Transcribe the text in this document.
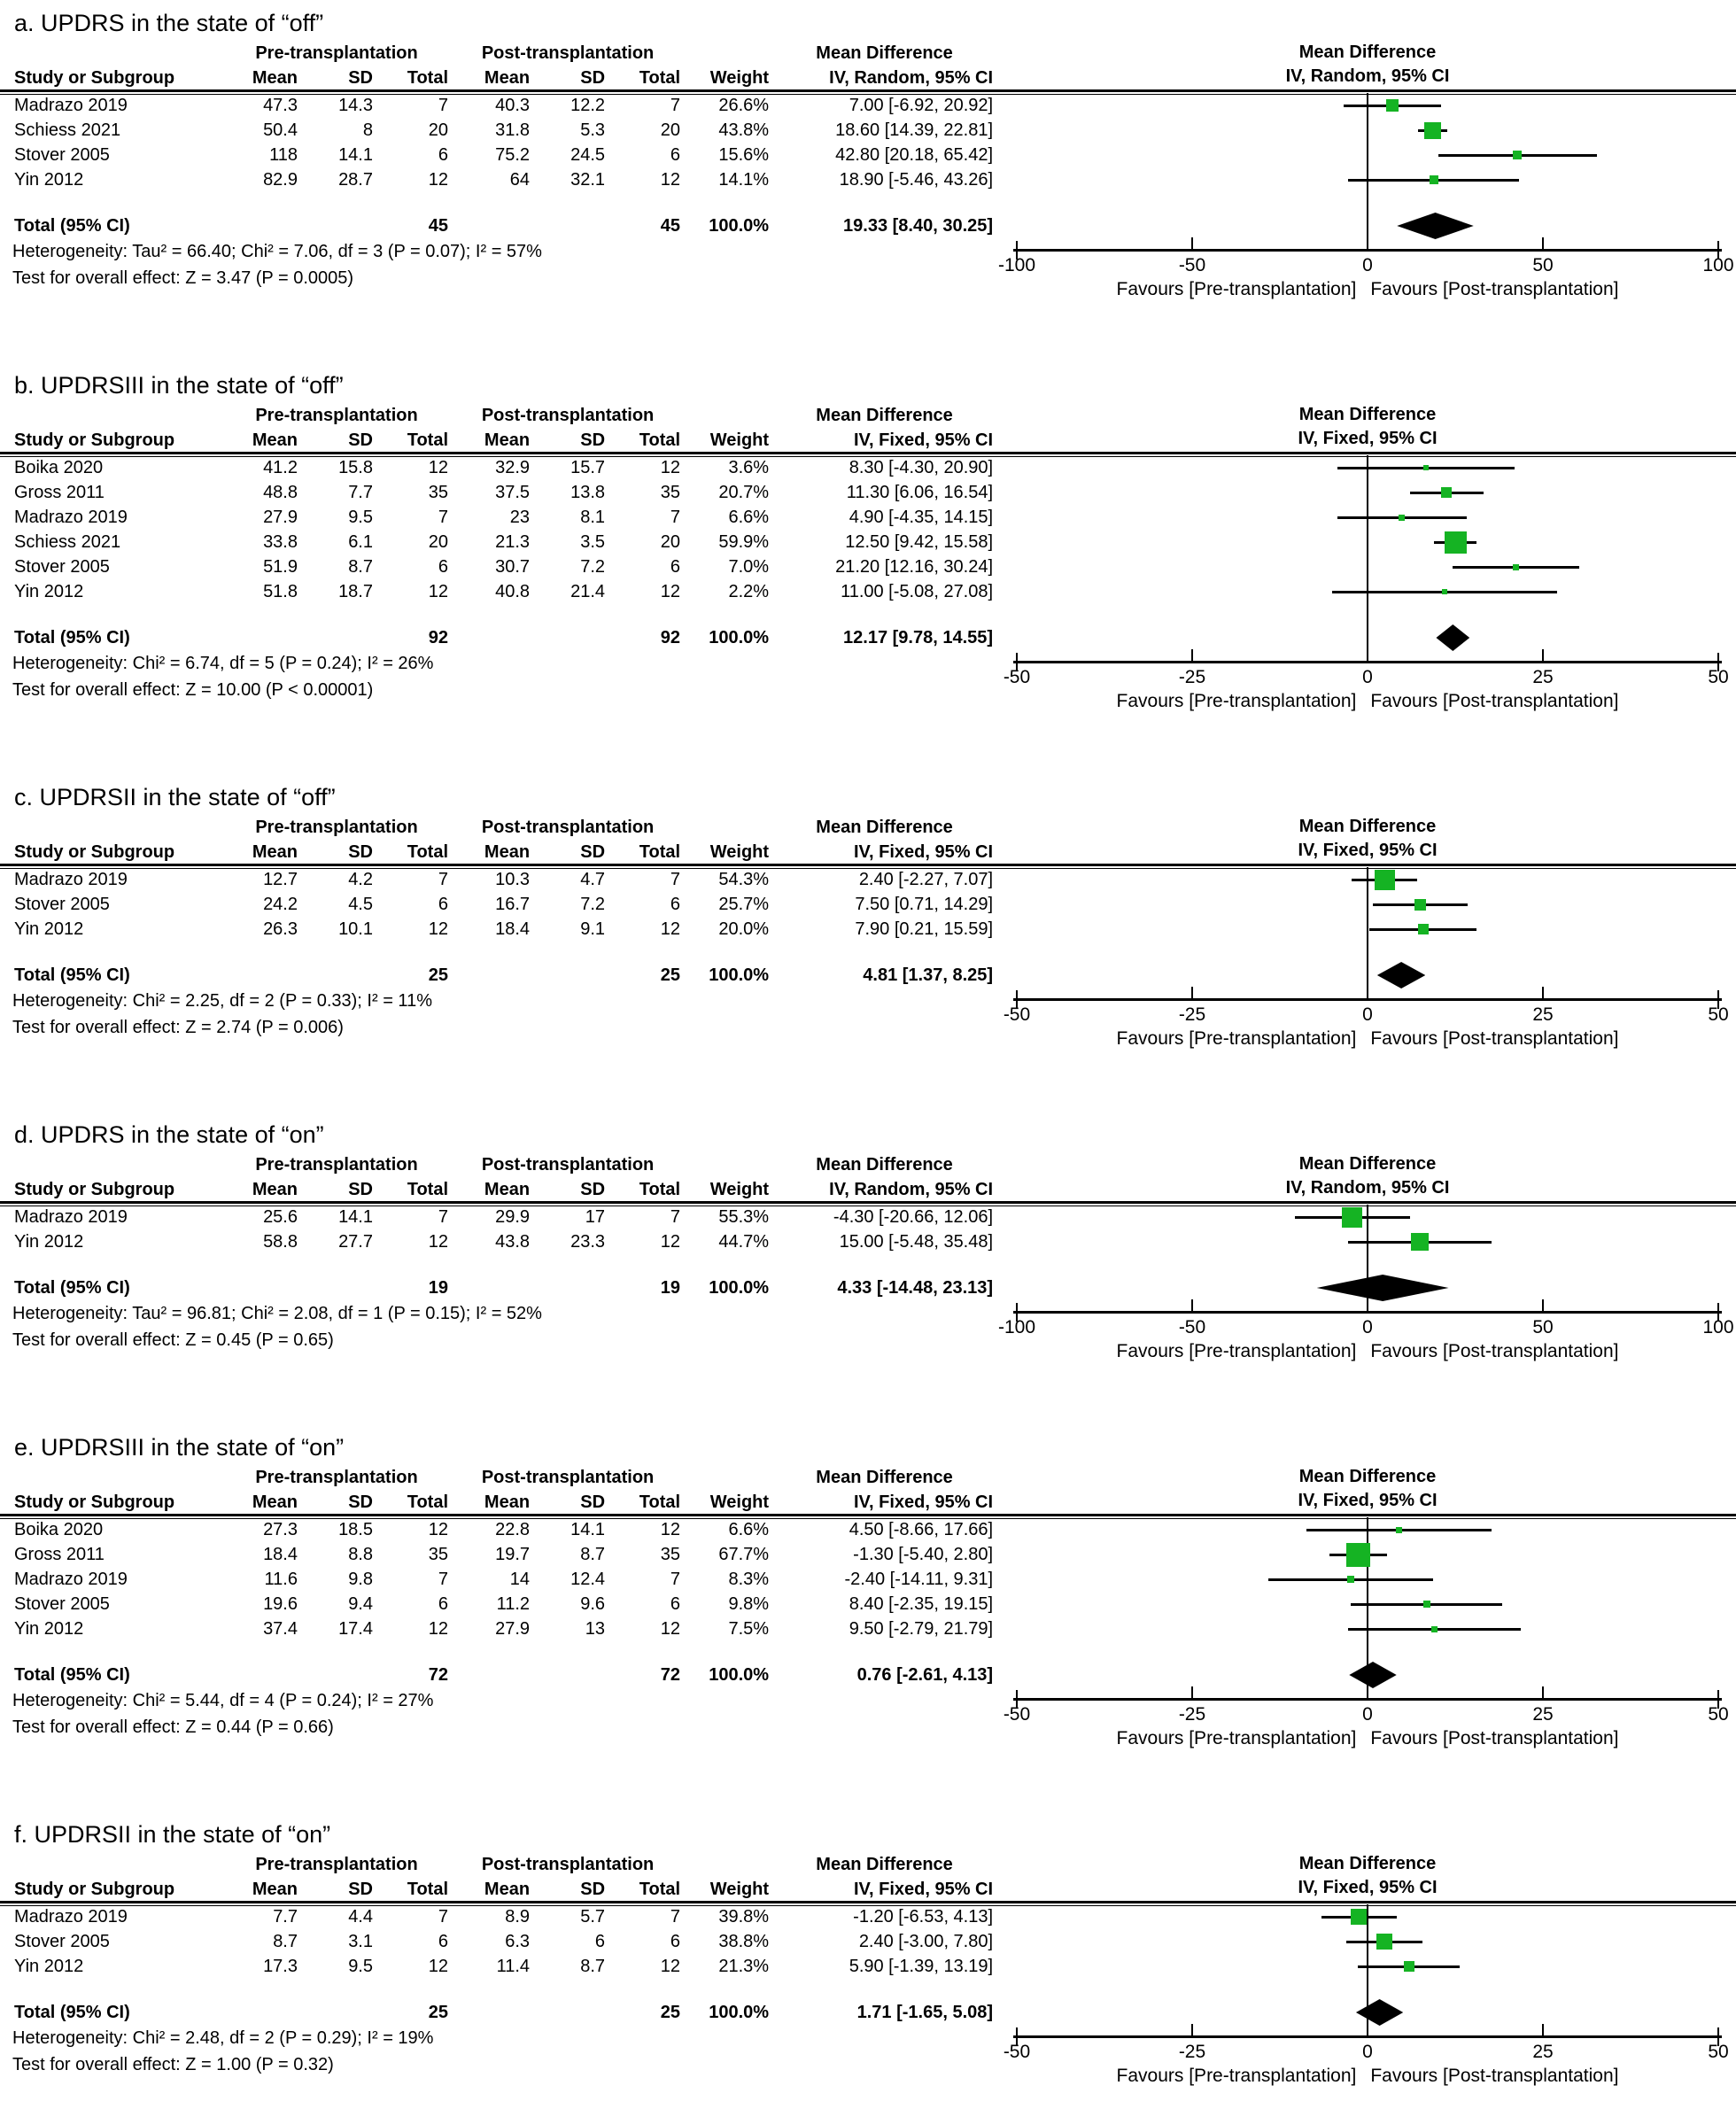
a. UPDRS in the state of “off”
	Pre-transplantation			Post-transplantation				Mean Difference
Study or Subgroup	Mean	SD	Total	Mean	SD	Total	Weight	IV, Random, 95% CI
Madrazo 2019	47.3	14.3	7	40.3	12.2	7	26.6%	7.00 [-6.92, 20.92]
Schiess 2021	50.4	8	20	31.8	5.3	20	43.8%	18.60 [14.39, 22.81]
Stover 2005	118	14.1	6	75.2	24.5	6	15.6%	42.80 [20.18, 65.42]
Yin 2012	82.9	28.7	12	64	32.1	12	14.1%	18.90 [-5.46, 43.26]

Total (95% CI)			45			45	100.0%	19.33 [8.40, 30.25]
Heterogeneity: Tau² = 66.40; Chi² = 7.06, df = 3 (P = 0.07); I² = 57%								
Test for overall effect: Z = 3.47 (P = 0.0005)								
Mean Difference
IV, Random, 95% CI
-100	-50	0	50	100
Favours [Pre-transplantation] Favours [Post-transplantation]
b. UPDRSIII in the state of “off”
	Pre-transplantation			Post-transplantation				Mean Difference
Study or Subgroup	Mean	SD	Total	Mean	SD	Total	Weight	IV, Fixed, 95% CI
Boika 2020	41.2	15.8	12	32.9	15.7	12	3.6%	8.30 [-4.30, 20.90]
Gross 2011	48.8	7.7	35	37.5	13.8	35	20.7%	11.30 [6.06, 16.54]
Madrazo 2019	27.9	9.5	7	23	8.1	7	6.6%	4.90 [-4.35, 14.15]
Schiess 2021	33.8	6.1	20	21.3	3.5	20	59.9%	12.50 [9.42, 15.58]
Stover 2005	51.9	8.7	6	30.7	7.2	6	7.0%	21.20 [12.16, 30.24]
Yin 2012	51.8	18.7	12	40.8	21.4	12	2.2%	11.00 [-5.08, 27.08]

Total (95% CI)			92			92	100.0%	12.17 [9.78, 14.55]
Heterogeneity: Chi² = 6.74, df = 5 (P = 0.24); I² = 26%								
Test for overall effect: Z = 10.00 (P < 0.00001)								
Mean Difference
IV, Fixed, 95% CI
-50	-25	0	25	50
Favours [Pre-transplantation] Favours [Post-transplantation]
c. UPDRSII in the state of “off”
	Pre-transplantation			Post-transplantation				Mean Difference
Study or Subgroup	Mean	SD	Total	Mean	SD	Total	Weight	IV, Fixed, 95% CI
Madrazo 2019	12.7	4.2	7	10.3	4.7	7	54.3%	2.40 [-2.27, 7.07]
Stover 2005	24.2	4.5	6	16.7	7.2	6	25.7%	7.50 [0.71, 14.29]
Yin 2012	26.3	10.1	12	18.4	9.1	12	20.0%	7.90 [0.21, 15.59]

Total (95% CI)			25			25	100.0%	4.81 [1.37, 8.25]
Heterogeneity: Chi² = 2.25, df = 2 (P = 0.33); I² = 11%								
Test for overall effect: Z = 2.74 (P = 0.006)								
Mean Difference
IV, Fixed, 95% CI
-50	-25	0	25	50
Favours [Pre-transplantation] Favours [Post-transplantation]
d. UPDRS in the state of “on”
	Pre-transplantation			Post-transplantation				Mean Difference
Study or Subgroup	Mean	SD	Total	Mean	SD	Total	Weight	IV, Random, 95% CI
Madrazo 2019	25.6	14.1	7	29.9	17	7	55.3%	-4.30 [-20.66, 12.06]
Yin 2012	58.8	27.7	12	43.8	23.3	12	44.7%	15.00 [-5.48, 35.48]

Total (95% CI)			19			19	100.0%	4.33 [-14.48, 23.13]
Heterogeneity: Tau² = 96.81; Chi² = 2.08, df = 1 (P = 0.15); I² = 52%								
Test for overall effect: Z = 0.45 (P = 0.65)								
Mean Difference
IV, Random, 95% CI
-100	-50	0	50	100
Favours [Pre-transplantation] Favours [Post-transplantation]
e. UPDRSIII in the state of “on”
	Pre-transplantation			Post-transplantation				Mean Difference
Study or Subgroup	Mean	SD	Total	Mean	SD	Total	Weight	IV, Fixed, 95% CI
Boika 2020	27.3	18.5	12	22.8	14.1	12	6.6%	4.50 [-8.66, 17.66]
Gross 2011	18.4	8.8	35	19.7	8.7	35	67.7%	-1.30 [-5.40, 2.80]
Madrazo 2019	11.6	9.8	7	14	12.4	7	8.3%	-2.40 [-14.11, 9.31]
Stover 2005	19.6	9.4	6	11.2	9.6	6	9.8%	8.40 [-2.35, 19.15]
Yin 2012	37.4	17.4	12	27.9	13	12	7.5%	9.50 [-2.79, 21.79]

Total (95% CI)			72			72	100.0%	0.76 [-2.61, 4.13]
Heterogeneity: Chi² = 5.44, df = 4 (P = 0.24); I² = 27%								
Test for overall effect: Z = 0.44 (P = 0.66)								
Mean Difference
IV, Fixed, 95% CI
-50	-25	0	25	50
Favours [Pre-transplantation] Favours [Post-transplantation]
f. UPDRSII in the state of “on”
	Pre-transplantation			Post-transplantation				Mean Difference
Study or Subgroup	Mean	SD	Total	Mean	SD	Total	Weight	IV, Fixed, 95% CI
Madrazo 2019	7.7	4.4	7	8.9	5.7	7	39.8%	-1.20 [-6.53, 4.13]
Stover 2005	8.7	3.1	6	6.3	6	6	38.8%	2.40 [-3.00, 7.80]
Yin 2012	17.3	9.5	12	11.4	8.7	12	21.3%	5.90 [-1.39, 13.19]

Total (95% CI)			25			25	100.0%	1.71 [-1.65, 5.08]
Heterogeneity: Chi² = 2.48, df = 2 (P = 0.29); I² = 19%								
Test for overall effect: Z = 1.00 (P = 0.32)								
Mean Difference
IV, Fixed, 95% CI
-50	-25	0	25	50
Favours [Pre-transplantation] Favours [Post-transplantation]
